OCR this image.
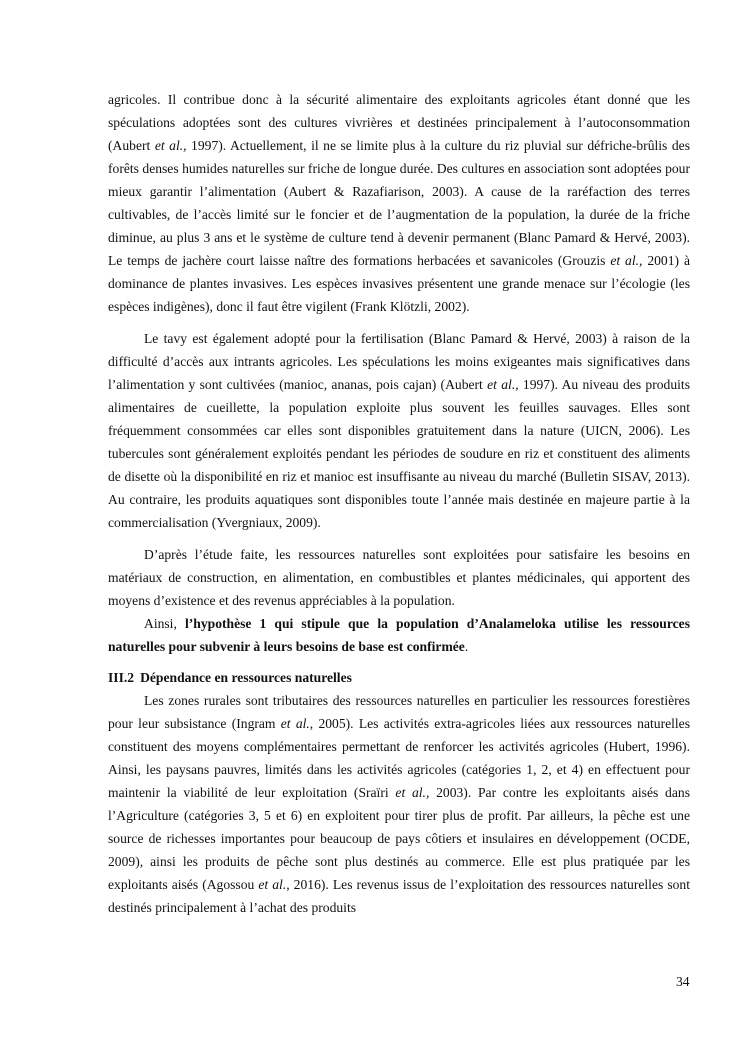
agricoles. Il contribue donc à la sécurité alimentaire des exploitants agricoles étant donné que les spéculations adoptées sont des cultures vivrières et destinées principalement à l’autoconsommation (Aubert et al., 1997). Actuellement, il ne se limite plus à la culture du riz pluvial sur défriche-brûlis des forêts denses humides naturelles sur friche de longue durée. Des cultures en association sont adoptées pour mieux garantir l’alimentation (Aubert & Razafiarison, 2003). A cause de la raréfaction des terres cultivables, de l’accès limité sur le foncier et de l’augmentation de la population, la durée de la friche diminue, au plus 3 ans et le système de culture tend à devenir permanent (Blanc Pamard & Hervé, 2003). Le temps de jachère court laisse naître des formations herbacées et savanicoles (Grouzis et al., 2001) à dominance de plantes invasives. Les espèces invasives présentent une grande menace sur l’écologie (les espèces indigènes), donc il faut être vigilent (Frank Klötzli, 2002).

Le tavy est également adopté pour la fertilisation (Blanc Pamard & Hervé, 2003) à raison de la difficulté d’accès aux intrants agricoles. Les spéculations les moins exigeantes mais significatives dans l’alimentation y sont cultivées (manioc, ananas, pois cajan) (Aubert et al., 1997). Au niveau des produits alimentaires de cueillette, la population exploite plus souvent les feuilles sauvages. Elles sont fréquemment consommées car elles sont disponibles gratuitement dans la nature (UICN, 2006). Les tubercules sont généralement exploités pendant les périodes de soudure en riz et constituent des aliments de disette où la disponibilité en riz et manioc est insuffisante au niveau du marché (Bulletin SISAV, 2013). Au contraire, les produits aquatiques sont disponibles toute l’année mais destinée en majeure partie à la commercialisation (Yvergniaux, 2009).

D’après l’étude faite, les ressources naturelles sont exploitées pour satisfaire les besoins en matériaux de construction, en alimentation, en combustibles et plantes médicinales, qui apportent des moyens d’existence et des revenus appréciables à la population.

Ainsi, l’hypothèse 1 qui stipule que la population d’Analameloka utilise les ressources naturelles pour subvenir à leurs besoins de base est confirmée.

III.2 Dépendance en ressources naturelles

Les zones rurales sont tributaires des ressources naturelles en particulier les ressources forestières pour leur subsistance (Ingram et al., 2005). Les activités extra-agricoles liées aux ressources naturelles constituent des moyens complémentaires permettant de renforcer les activités agricoles (Hubert, 1996). Ainsi, les paysans pauvres, limités dans les activités agricoles (catégories 1, 2, et 4) en effectuent pour maintenir la viabilité de leur exploitation (Sraïri et al., 2003). Par contre les exploitants aisés dans l’Agriculture (catégories 3, 5 et 6) en exploitent pour tirer plus de profit. Par ailleurs, la pêche est une source de richesses importantes pour beaucoup de pays côtiers et insulaires en développement (OCDE, 2009), ainsi les produits de pêche sont plus destinés au commerce. Elle est plus pratiquée par les exploitants aisés (Agossou et al., 2016). Les revenus issus de l’exploitation des ressources naturelles sont destinés principalement à l’achat des produits

34
